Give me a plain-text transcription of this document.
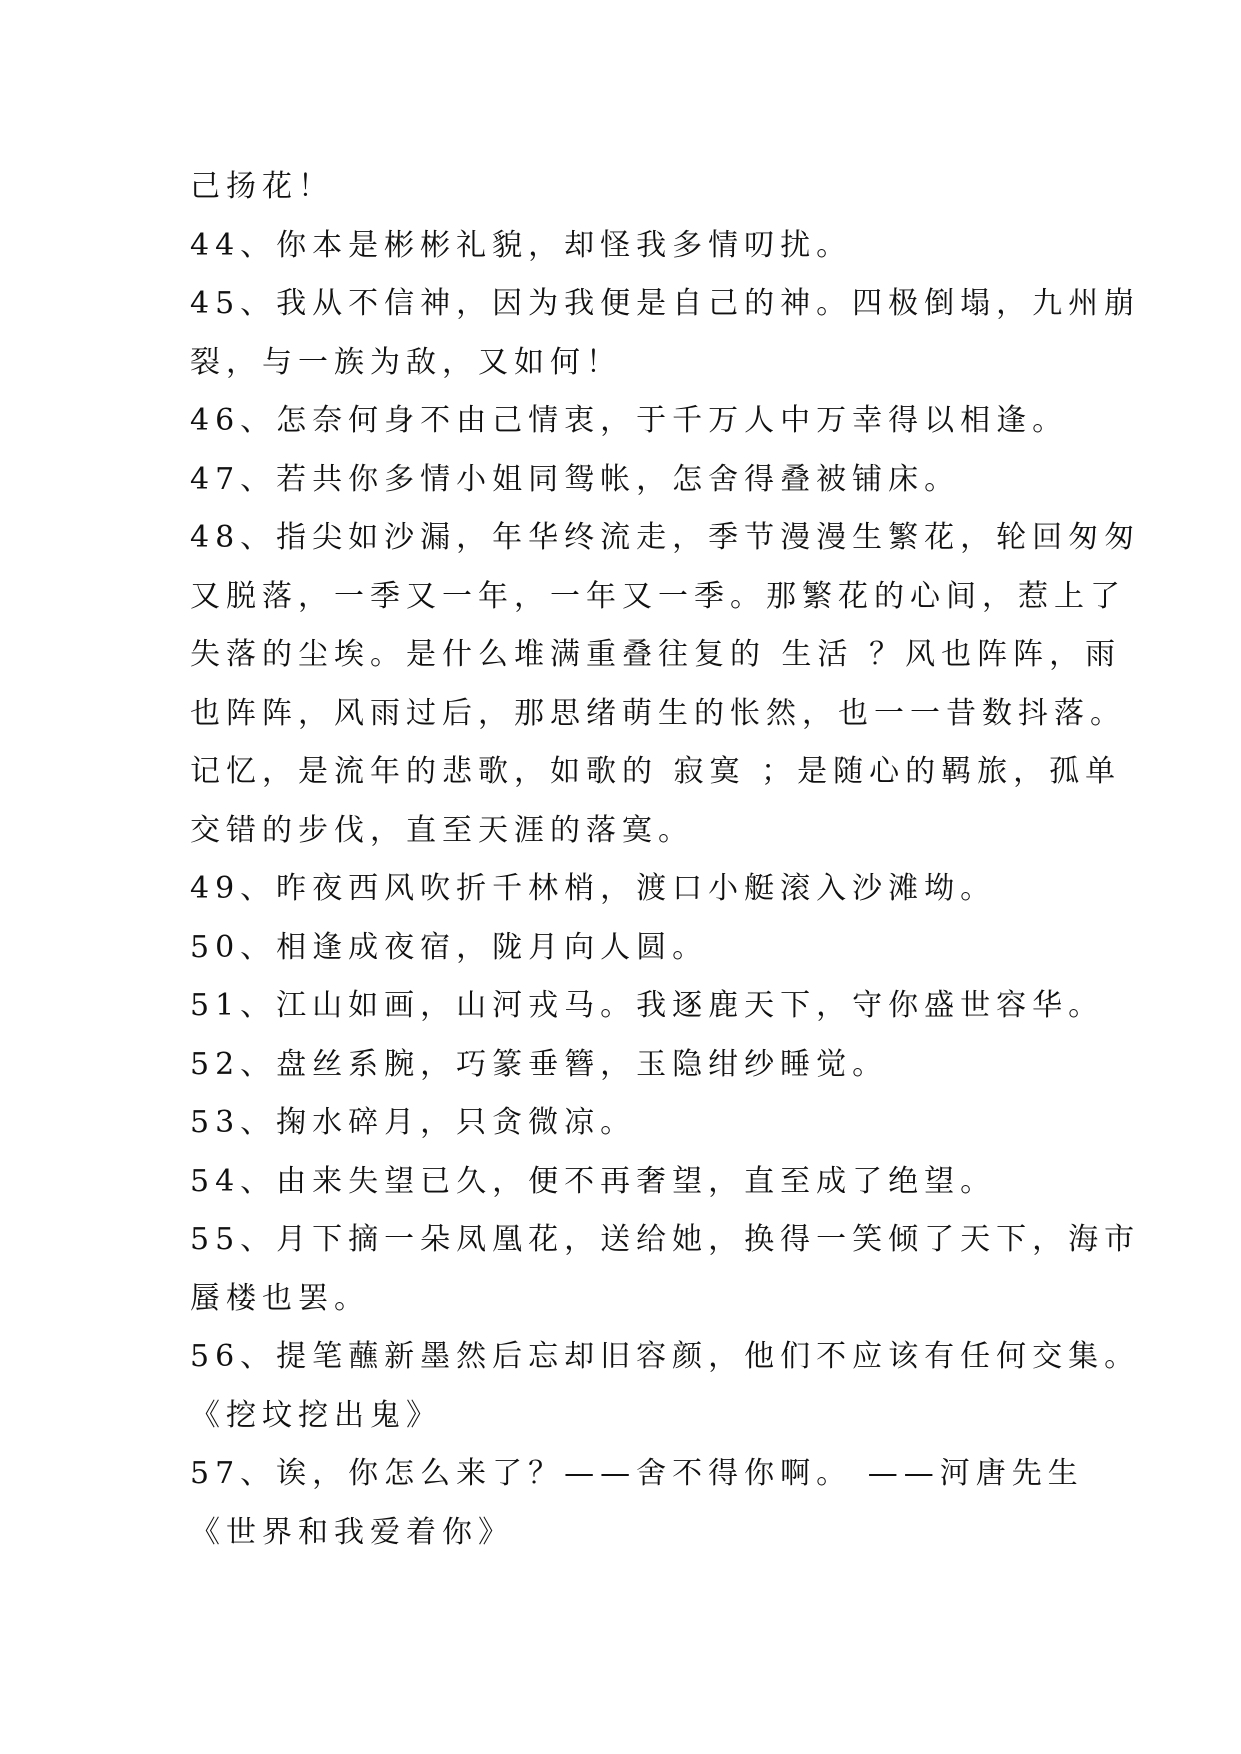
己扬花！
44、你本是彬彬礼貌，却怪我多情叨扰。
45、我从不信神，因为我便是自己的神。四极倒塌，九州崩
裂，与一族为敌，又如何！
46、怎奈何身不由己情衷，于千万人中万幸得以相逢。
47、若共你多情小姐同鸳帐，怎舍得叠被铺床。
48、指尖如沙漏，年华终流走，季节漫漫生繁花，轮回匆匆
又脱落，一季又一年，一年又一季。那繁花的心间，惹上了
失落的尘埃。是什么堆满重叠往复的 生活 ？风也阵阵，雨
也阵阵，风雨过后，那思绪萌生的怅然，也一一昔数抖落。
记忆，是流年的悲歌，如歌的 寂寞 ；是随心的羁旅，孤单
交错的步伐，直至天涯的落寞。
49、昨夜西风吹折千林梢，渡口小艇滚入沙滩坳。
50、相逢成夜宿，陇月向人圆。
51、江山如画，山河戎马。我逐鹿天下，守你盛世容华。
52、盘丝系腕，巧篆垂簪，玉隐绀纱睡觉。
53、掬水碎月，只贪微凉。
54、由来失望已久，便不再奢望，直至成了绝望。
55、月下摘一朵凤凰花，送给她，换得一笑倾了天下，海市
蜃楼也罢。
56、提笔蘸新墨然后忘却旧容颜，他们不应该有任何交集。
《挖坟挖出鬼》
57、诶，你怎么来了？——舍不得你啊。 ——河唐先生
《世界和我爱着你》
